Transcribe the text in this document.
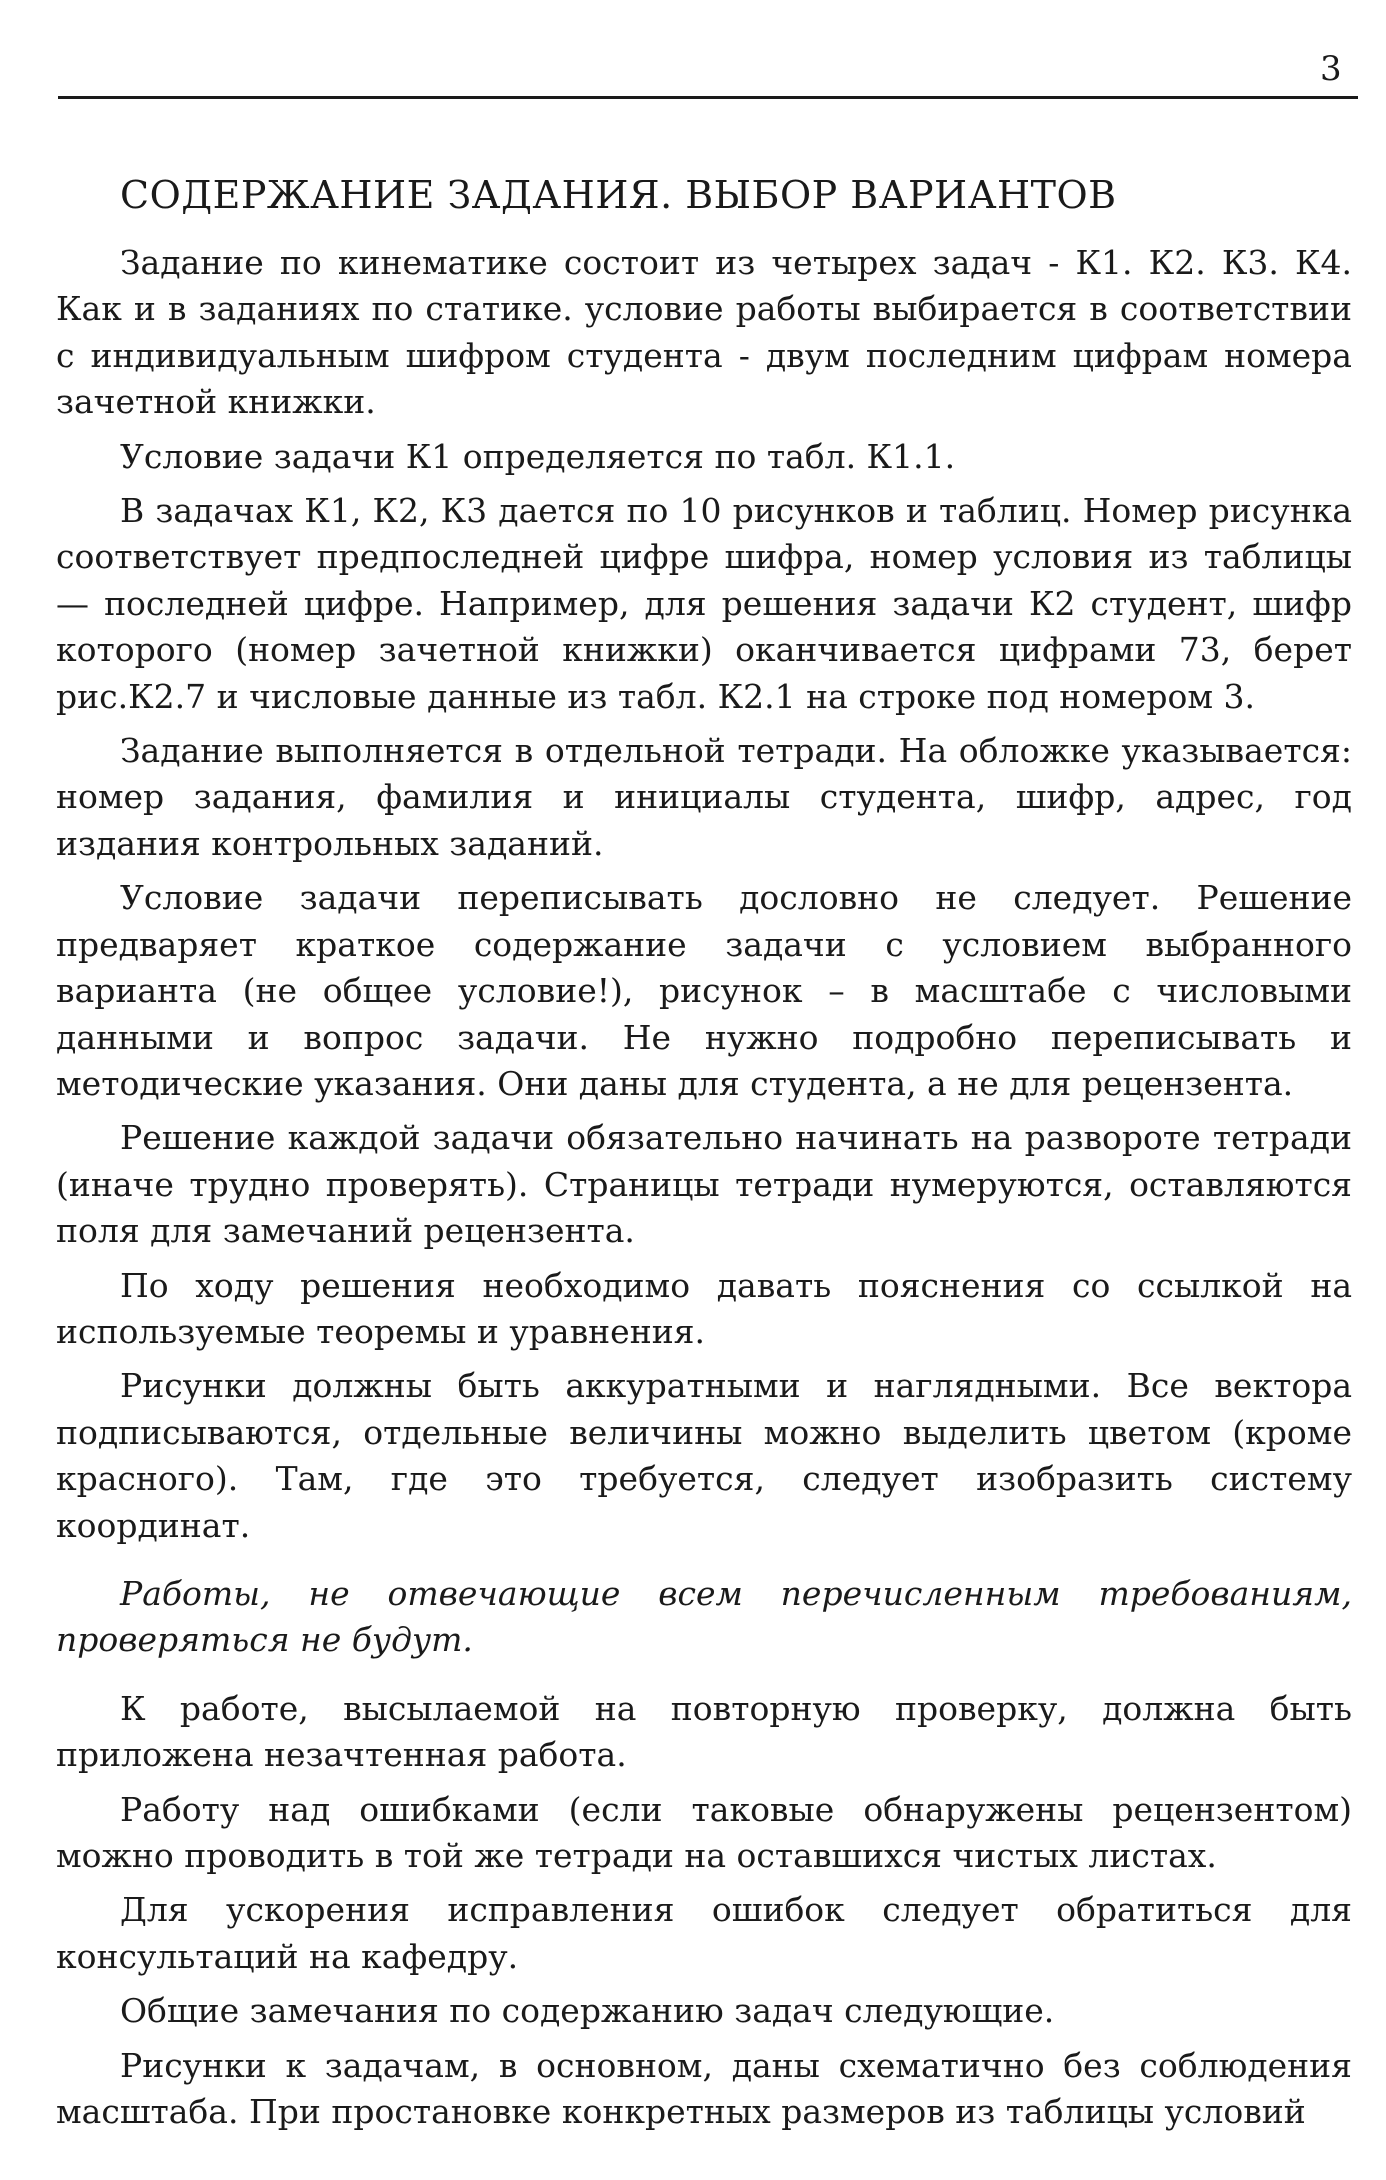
3
СОДЕРЖАНИЕ ЗАДАНИЯ. ВЫБОР ВАРИАНТОВ

Задание по кинематике состоит из четырех задач - К1. К2. К3. К4. Как и в заданиях по статике. условие работы выбирается в соответствии с индивидуальным шифром студента - двум последним цифрам номера зачетной книжки.

Условие задачи К1 определяется по табл. К1.1.

В задачах К1, К2, К3 дается по 10 рисунков и таблиц. Номер рисунка соответствует предпоследней цифре шифра, номер условия из таблицы — последней цифре. Например, для решения задачи К2 студент, шифр которого (номер зачетной книжки) оканчивается цифрами 73, берет рис.К2.7 и числовые данные из табл. К2.1 на строке под номером 3.

Задание выполняется в отдельной тетради. На обложке указывается: номер задания, фамилия и инициалы студента, шифр, адрес, год издания контрольных заданий.

Условие задачи переписывать дословно не следует. Решение предваряет краткое содержание задачи с условием выбранного варианта (не общее условие!), рисунок – в масштабе с числовыми данными и вопрос задачи. Не нужно подробно переписывать и методические указания. Они даны для студента, а не для рецензента.

Решение каждой задачи обязательно начинать на развороте тетради (иначе трудно проверять). Страницы тетради нумеруются, оставляются поля для замечаний рецензента.

По ходу решения необходимо давать пояснения со ссылкой на используемые теоремы и уравнения.

Рисунки должны быть аккуратными и наглядными. Все вектора подписываются, отдельные величины можно выделить цветом (кроме красного). Там, где это требуется, следует изобразить систему координат.

Работы, не отвечающие всем перечисленным требованиям, проверяться не будут.

К работе, высылаемой на повторную проверку, должна быть приложена незачтенная работа.

Работу над ошибками (если таковые обнаружены рецензентом) можно проводить в той же тетради на оставшихся чистых листах.

Для ускорения исправления ошибок следует обратиться для консультаций на кафедру.

Общие замечания по содержанию задач следующие.

Рисунки к задачам, в основном, даны схематично без соблюдения масштаба. При простановке конкретных размеров из таблицы условий
